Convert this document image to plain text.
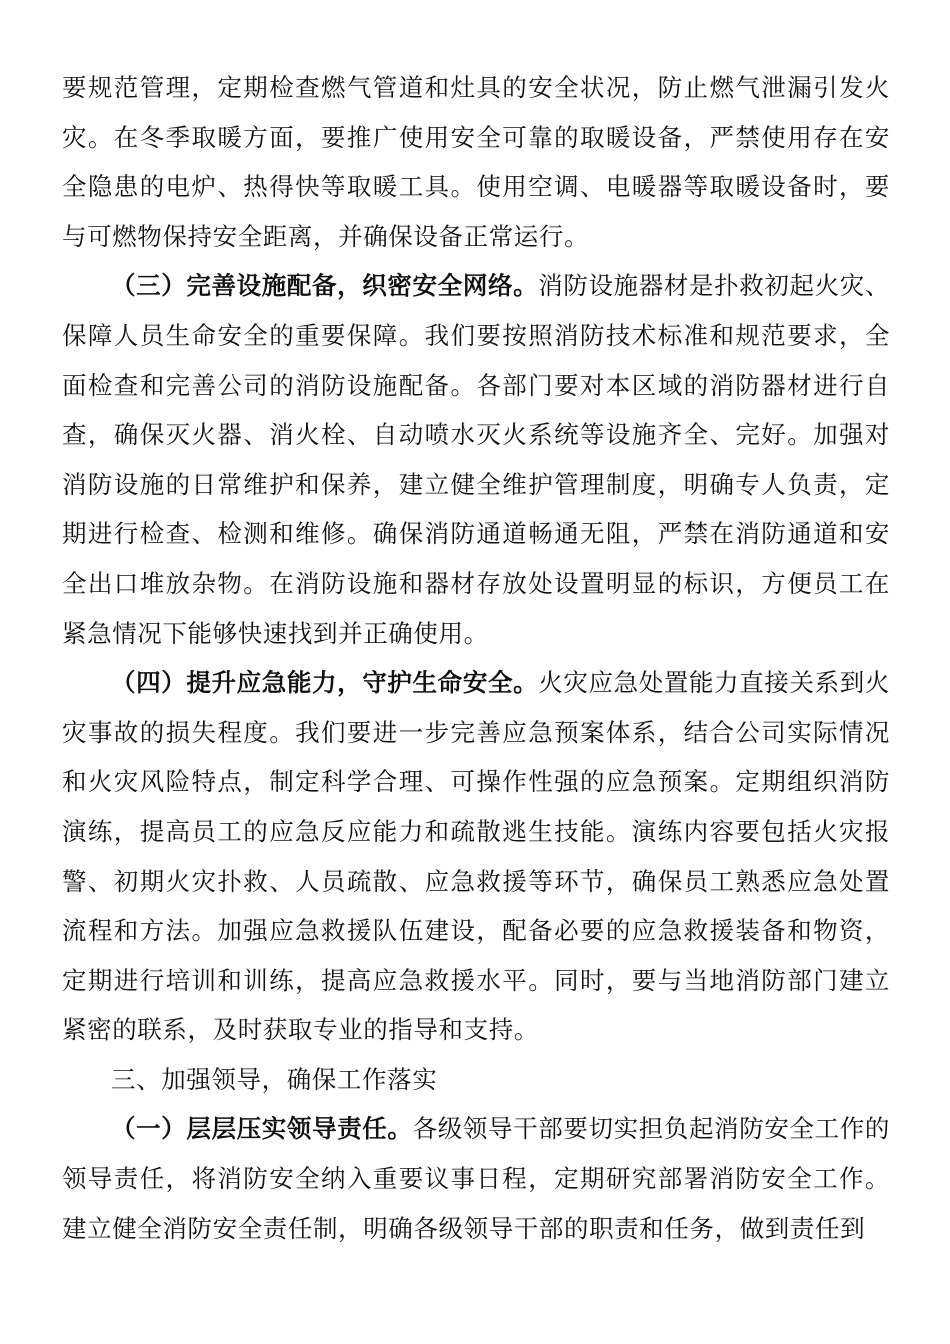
要规范管理，定期检查燃气管道和灶具的安全状况，防止燃气泄漏引发火灾。在冬季取暖方面，要推广使用安全可靠的取暖设备，严禁使用存在安全隐患的电炉、热得快等取暖工具。使用空调、电暖器等取暖设备时，要与可燃物保持安全距离，并确保设备正常运行。

（三）完善设施配备，织密安全网络。消防设施器材是扑救初起火灾、保障人员生命安全的重要保障。我们要按照消防技术标准和规范要求，全面检查和完善公司的消防设施配备。各部门要对本区域的消防器材进行自查，确保灭火器、消火栓、自动喷水灭火系统等设施齐全、完好。加强对消防设施的日常维护和保养，建立健全维护管理制度，明确专人负责，定期进行检查、检测和维修。确保消防通道畅通无阻，严禁在消防通道和安全出口堆放杂物。在消防设施和器材存放处设置明显的标识，方便员工在紧急情况下能够快速找到并正确使用。

（四）提升应急能力，守护生命安全。火灾应急处置能力直接关系到火灾事故的损失程度。我们要进一步完善应急预案体系，结合公司实际情况和火灾风险特点，制定科学合理、可操作性强的应急预案。定期组织消防演练，提高员工的应急反应能力和疏散逃生技能。演练内容要包括火灾报警、初期火灾扑救、人员疏散、应急救援等环节，确保员工熟悉应急处置流程和方法。加强应急救援队伍建设，配备必要的应急救援装备和物资，定期进行培训和训练，提高应急救援水平。同时，要与当地消防部门建立紧密的联系，及时获取专业的指导和支持。

三、加强领导，确保工作落实

（一）层层压实领导责任。各级领导干部要切实担负起消防安全工作的领导责任，将消防安全纳入重要议事日程，定期研究部署消防安全工作。建立健全消防安全责任制，明确各级领导干部的职责和任务，做到责任到
